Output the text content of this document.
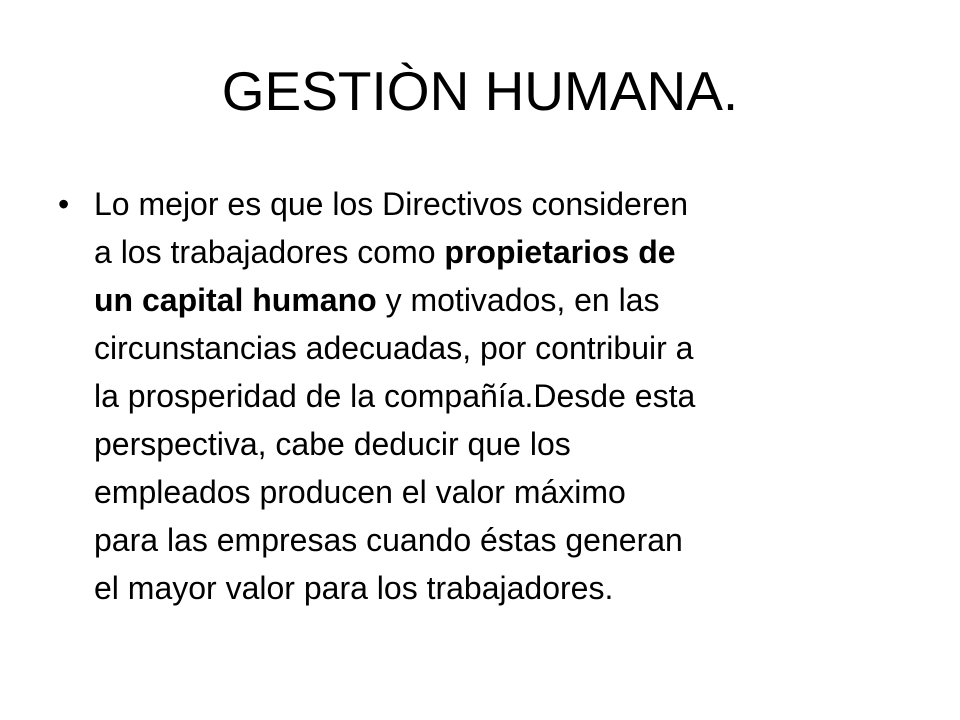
GESTIÒN HUMANA.
• Lo mejor es que los Directivos consideren
a los trabajadores como propietarios de
un capital humano y motivados, en las
circunstancias adecuadas, por contribuir a
la prosperidad de la compañía.Desde esta
perspectiva, cabe deducir que los
empleados producen el valor máximo
para las empresas cuando éstas generan
el mayor valor para los trabajadores.
